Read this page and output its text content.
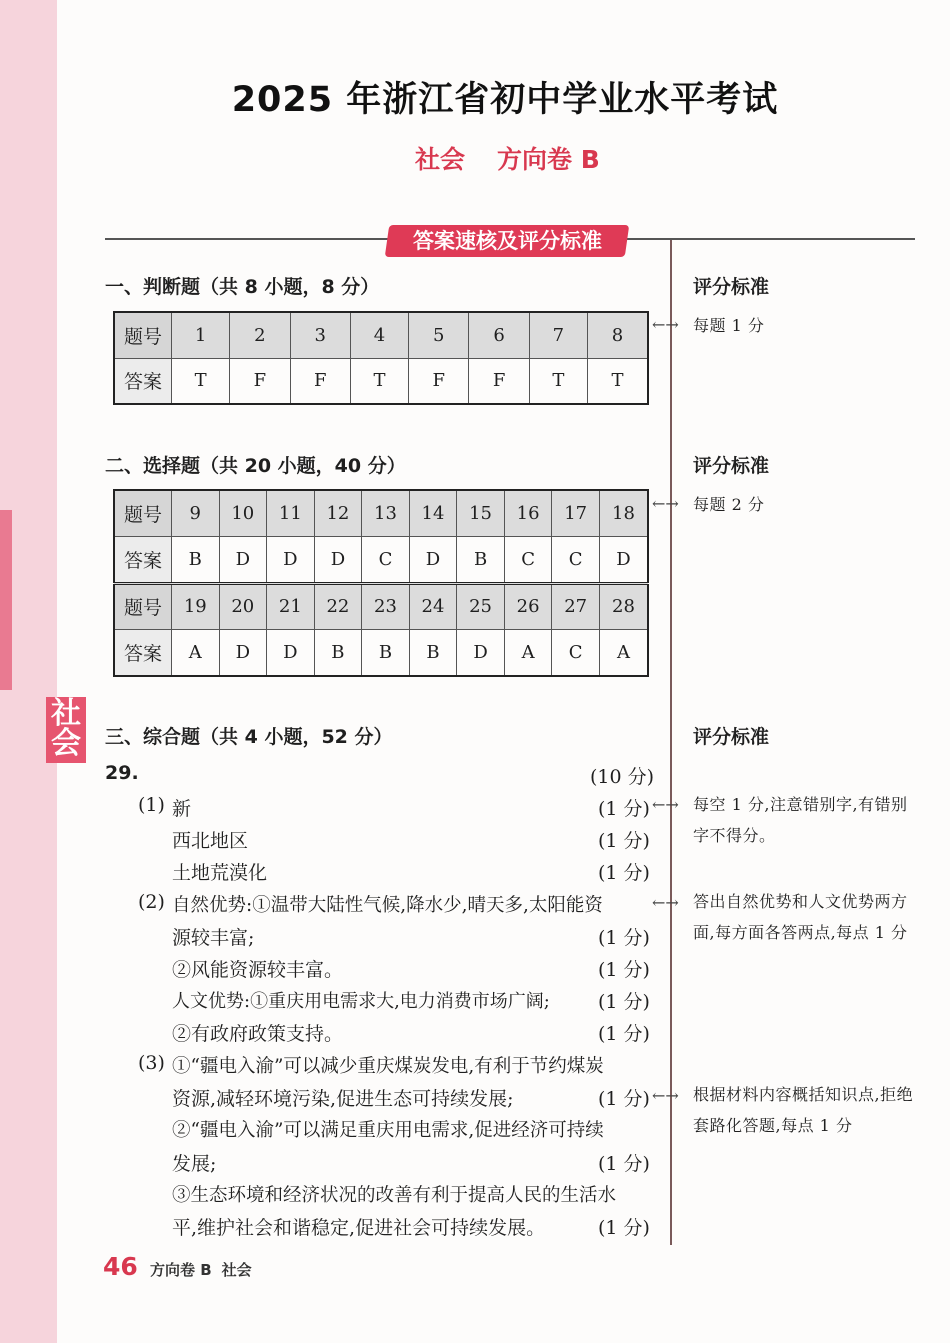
社会
2025 年浙江省初中学业水平考试
社会 方向卷 B
答案速核及评分标准
一、判断题（共 8 小题，8 分）	评分标准
题号	1	2	3	4	5	6	7	8
答案	T	F	F	T	F	F	T	T
←→ 每题 1 分
二、选择题（共 20 小题，40 分）	评分标准
题号	9	10	11	12	13	14	15	16	17	18
答案	B	D	D	D	C	D	B	C	C	D
题号	19	20	21	22	23	24	25	26	27	28
答案	A	D	D	B	B	B	D	A	C	A
←→ 每题 2 分
三、综合题（共 4 小题，52 分）	评分标准
29.	(10 分)
(1) 新	(1 分)
西北地区	(1 分)
土地荒漠化	(1 分)
(2) 自然优势:①温带大陆性气候,降水少,晴天多,太阳能资
源较丰富;	(1 分)
②风能资源较丰富。	(1 分)
人文优势:①重庆用电需求大,电力消费市场广阔;	(1 分)
②有政府政策支持。	(1 分)
(3) ①“疆电入渝”可以减少重庆煤炭发电,有利于节约煤炭
资源,减轻环境污染,促进生态可持续发展;	(1 分)
②“疆电入渝”可以满足重庆用电需求,促进经济可持续
发展;	(1 分)
③生态环境和经济状况的改善有利于提高人民的生活水
平,维护社会和谐稳定,促进社会可持续发展。	(1 分)
←→ 每空 1 分,注意错别字,有错别字不得分。
←→ 答出自然优势和人文优势两方面,每方面各答两点,每点 1 分
←→ 根据材料内容概括知识点,拒绝套路化答题,每点 1 分
46 方向卷 B 社会
